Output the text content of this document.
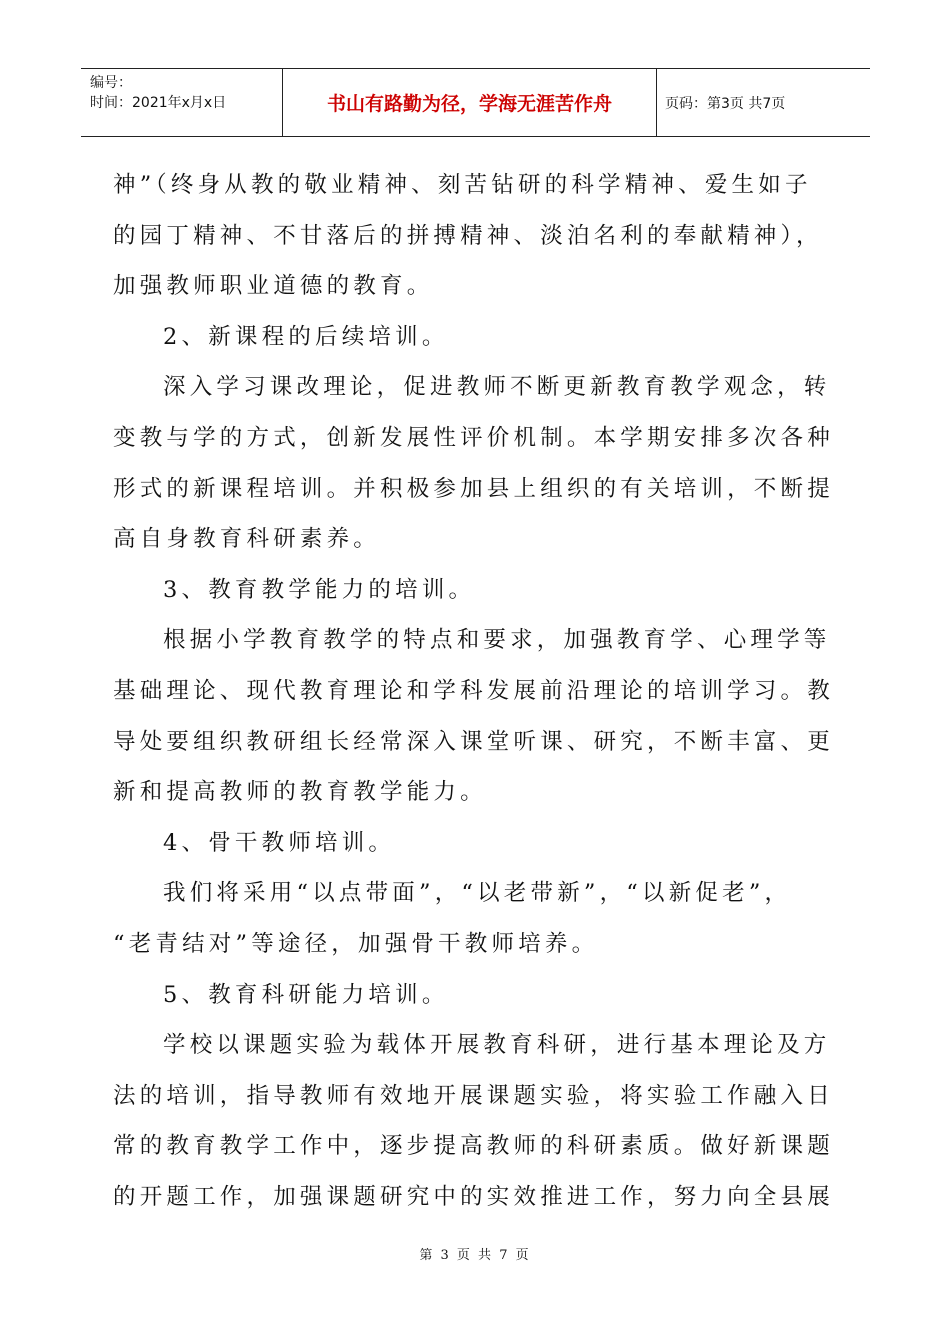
编号：
时间：2021年x月x日	书山有路勤为径，学海无涯苦作舟	页码：第3页 共7页

神”（终身从教的敬业精神、刻苦钻研的科学精神、爱生如子

的园丁精神、不甘落后的拼搏精神、淡泊名利的奉献精神），

加强教师职业道德的教育。

2、新课程的后续培训。

深入学习课改理论，促进教师不断更新教育教学观念，转

变教与学的方式，创新发展性评价机制。本学期安排多次各种

形式的新课程培训。并积极参加县上组织的有关培训，不断提

高自身教育科研素养。

3、教育教学能力的培训。

根据小学教育教学的特点和要求，加强教育学、心理学等

基础理论、现代教育理论和学科发展前沿理论的培训学习。教

导处要组织教研组长经常深入课堂听课、研究，不断丰富、更

新和提高教师的教育教学能力。

4、骨干教师培训。

我们将采用“以点带面”，“以老带新”，“以新促老”，

“老青结对”等途径，加强骨干教师培养。

5、教育科研能力培训。

学校以课题实验为载体开展教育科研，进行基本理论及方

法的培训，指导教师有效地开展课题实验，将实验工作融入日

常的教育教学工作中，逐步提高教师的科研素质。做好新课题

的开题工作，加强课题研究中的实效推进工作，努力向全县展

第 3 页 共 7 页
